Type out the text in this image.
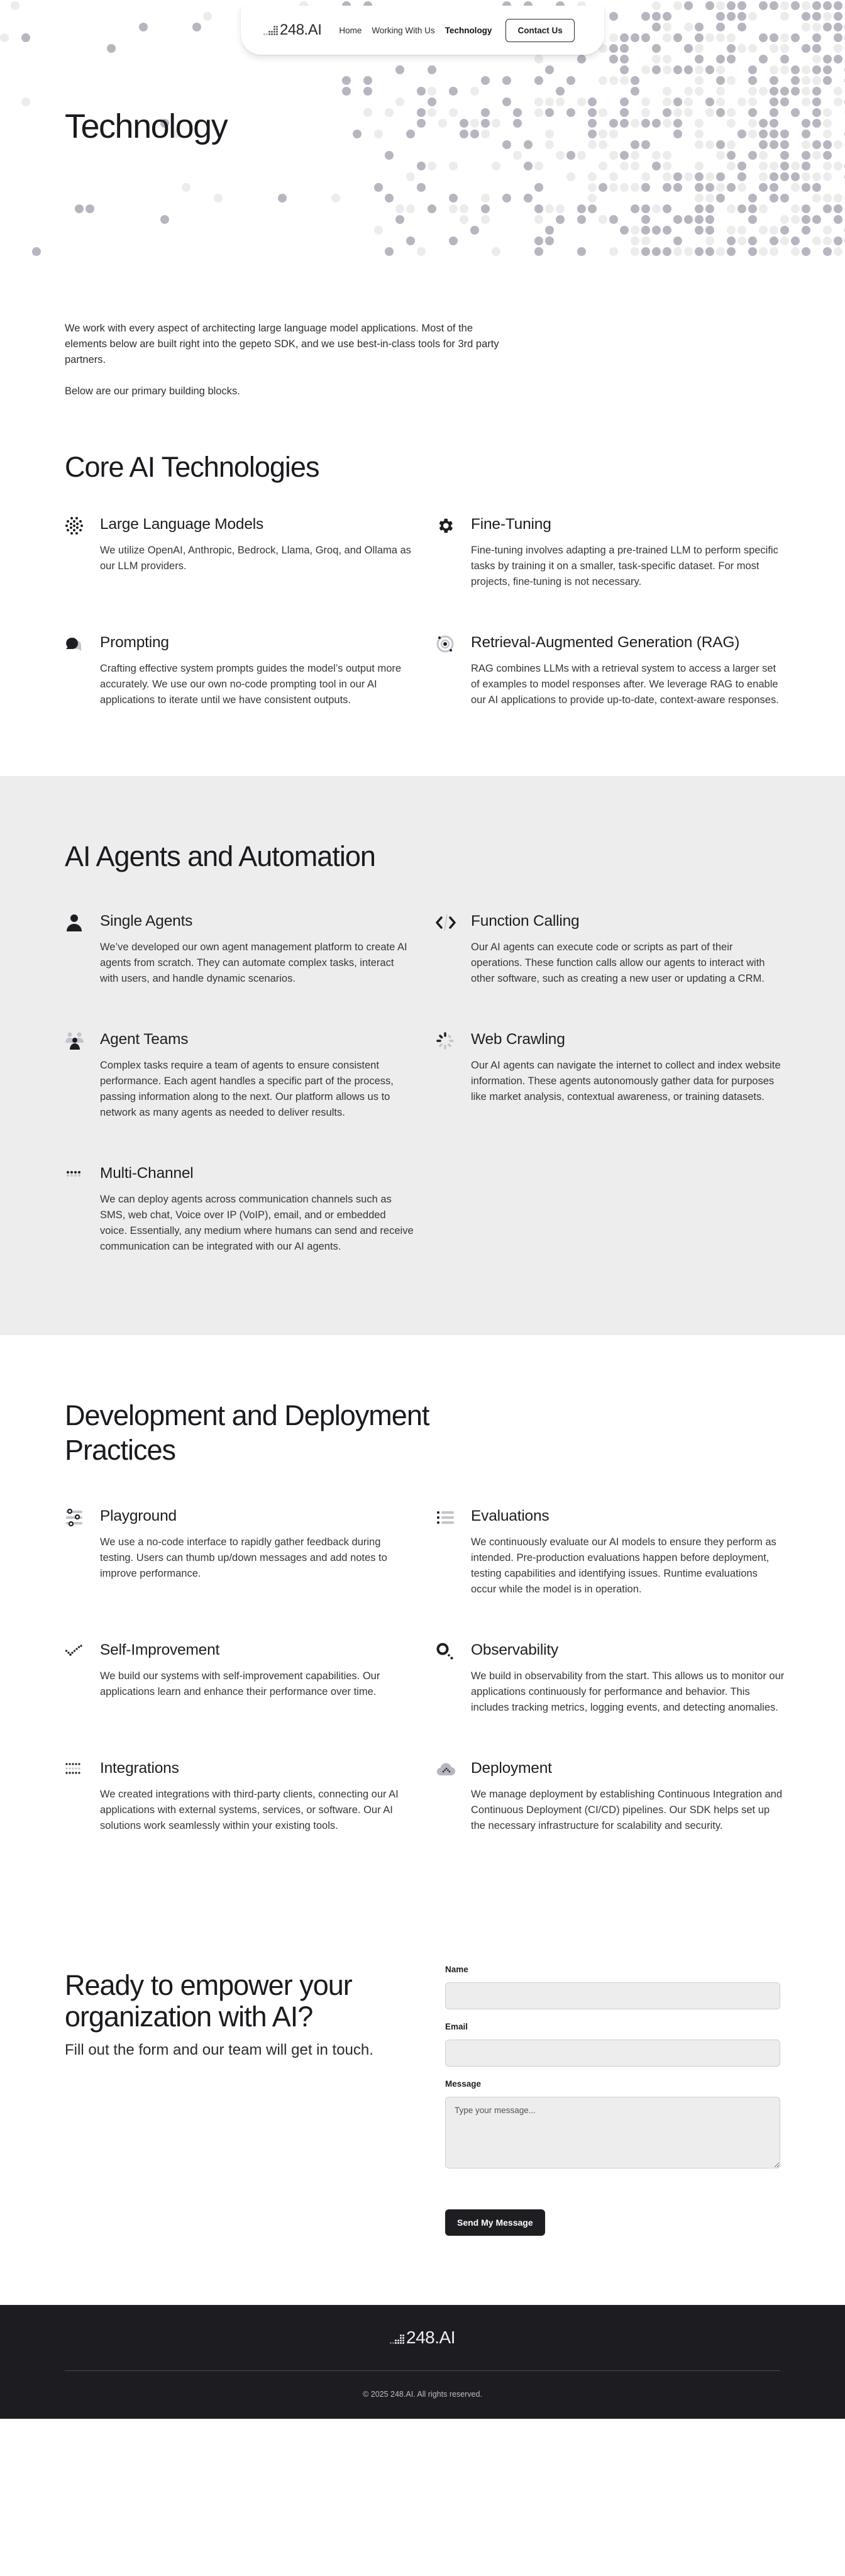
248.AI Home Working With Us Technology	Contact Us
Technology

We work with every aspect of architecting large language model applications. Most of the elements below are built right into the gepeto SDK, and we use best-in-class tools for 3rd party partners.

Below are our primary building blocks.

Core AI Technologies
Large Language Models

We utilize OpenAI, Anthropic, Bedrock, Llama, Groq, and Ollama as our LLM providers.

Fine-Tuning

Fine-tuning involves adapting a pre-trained LLM to perform specific tasks by training it on a smaller, task-specific dataset. For most projects, fine-tuning is not necessary.

Prompting

Crafting effective system prompts guides the model’s output more accurately. We use our own no-code prompting tool in our AI applications to iterate until we have consistent outputs.

Retrieval-Augmented Generation (RAG)

RAG combines LLMs with a retrieval system to access a larger set of examples to model responses after. We leverage RAG to enable our AI applications to provide up-to-date, context-aware responses.

AI Agents and Automation
Single Agents

We’ve developed our own agent management platform to create AI agents from scratch. They can automate complex tasks, interact with users, and handle dynamic scenarios.

Function Calling

Our AI agents can execute code or scripts as part of their operations. These function calls allow our agents to interact with other software, such as creating a new user or updating a CRM.

Agent Teams

Complex tasks require a team of agents to ensure consistent performance. Each agent handles a specific part of the process, passing information along to the next. Our platform allows us to network as many agents as needed to deliver results.

Web Crawling

Our AI agents can navigate the internet to collect and index website information. These agents autonomously gather data for purposes like market analysis, contextual awareness, or training datasets.

Multi-Channel

We can deploy agents across communication channels such as SMS, web chat, Voice over IP (VoIP), email, and or embedded voice. Essentially, any medium where humans can send and receive communication can be integrated with our AI agents.

Development and Deployment Practices
Playground

We use a no-code interface to rapidly gather feedback during testing. Users can thumb up/down messages and add notes to improve performance.

Evaluations

We continuously evaluate our AI models to ensure they perform as intended. Pre-production evaluations happen before deployment, testing capabilities and identifying issues. Runtime evaluations occur while the model is in operation.

Self-Improvement

We build our systems with self-improvement capabilities. Our applications learn and enhance their performance over time.

Observability

We build in observability from the start. This allows us to monitor our applications continuously for performance and behavior. This includes tracking metrics, logging events, and detecting anomalies.

Integrations

We created integrations with third-party clients, connecting our AI applications with external systems, services, or software. Our AI solutions work seamlessly within your existing tools.

Deployment

We manage deployment by establishing Continuous Integration and Continuous Deployment (CI/CD) pipelines. Our SDK helps set up the necessary infrastructure for scalability and security.

Ready to empower your organization with AI?

Fill out the form and our team will get in touch.

Name
Email
Message
Type your message... Send My Message
248.AI

© 2025 248.AI. All rights reserved.
